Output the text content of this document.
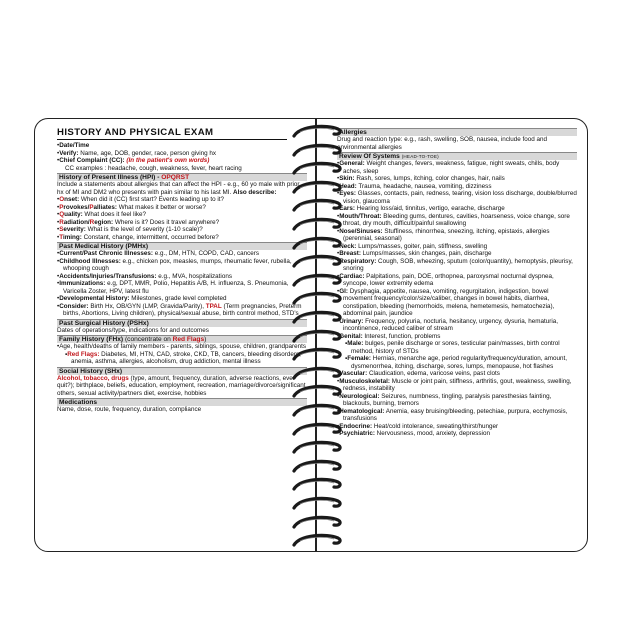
HISTORY AND PHYSICAL EXAM
• Date/Time
• Verify: Name, age, DOB, gender, race, person giving hx
• Chief Complaint (CC): (In the patient's own words)
CC examples : headache, cough, weakness, fever, heart racing
History of Present Illness (HPI) - OPQRST
Include a statements about allergies that can affect the HPI - e.g., 60 yo male with prior hx of MI and DM2 who presents with pain similar to his last MI. Also describe:
• Onset: When did it (CC) first start? Events leading up to it?
• Provokes/Palliates: What makes it better or worse?
• Quality: What does it feel like?
• Radiation/Region: Where is it? Does it travel anywhere?
• Severity: What is the level of severity (1-10 scale)?
• Timing: Constant, change, intermittent, occurred before?
Past Medical History (PMHx)
• Current/Past Chronic Illnesses: e.g., DM, HTN, COPD, CAD, cancers
• Childhood Illnesses: e.g., chicken pox, measles, mumps, rheumatic fever, rubella, whooping cough
• Accidents/Injuries/Transfusions: e.g., MVA, hospitalizations
• Immunizations: e.g, DPT, MMR, Polio, Hepatitis A/B, H. influenza, S. Pneumonia, Varicella Zoster, HPV, latest flu
• Developmental History: Milestones, grade level completed
• Consider: Birth Hx, OB/GYN (LMP, Gravida/Parity), TPAL (Term pregnancies, Preterm births, Abortions, Living children), physical/sexual abuse, birth control method, STD's
Past Surgical History (PSHx)
Dates of operations/type, indications for and outcomes
Family History (FHx) (concentrate on Red Flags)
• Age, health/deaths of family members - parents, siblings, spouse, children, grandparents
▪ Red Flags: Diabetes, MI, HTN, CAD, stroke, CKD, TB, cancers, bleeding disorders, anemia, asthma, allergies, alcoholism, drug addiction, mental illness
Social History (SHx)
Alcohol, tobacco, drugs (type, amount, frequency, duration, adverse reactions, ever quit?); birthplace, beliefs, education, employment, recreation, marriage/divorce/significant others, sexual activity/partners diet, exercise, hobbies
Medications
Name, dose, route, frequency, duration, compliance
Allergies
Drug and reaction type: e.g., rash, swelling, SOB, nausea, include food and environmental allergies
Review Of Systems (HEAD-TO-TOE)
• General: Weight changes, fevers, weakness, fatigue, night sweats, chills, body aches, sleep
• Skin: Rash, sores, lumps, itching, color changes, hair, nails
• Head: Trauma, headache, nausea, vomiting, dizziness
• Eyes: Glasses, contacts, pain, redness, tearing, vision loss discharge, double/blurred vision, glaucoma
• Ears: Hearing loss/aid, tinnitus, vertigo, earache, discharge
• Mouth/Throat: Bleeding gums, dentures, cavities, hoarseness, voice change, sore throat, dry mouth, difficult/painful swallowing
• Nose/Sinuses: Stuffiness, rhinorrhea, sneezing, itching, epistaxis, allergies (perennial, seasonal)
• Neck: Lumps/masses, goiter, pain, stiffness, swelling
• Breast: Lumps/masses, skin changes, pain, discharge
• Respiratory: Cough, SOB, wheezing, sputum (color/quantity), hemoptysis, pleurisy, snoring
• Cardiac: Palpitations, pain, DOE, orthopnea, paroxysmal nocturnal dyspnea, syncope, lower extremity edema
• GI: Dysphagia, appetite, nausea, vomiting, regurgitation, indigestion, bowel movement frequency/color/size/caliber, changes in bowel habits, diarrhea, constipation, bleeding (hemorrhoids, melena, hemetemesis, hematochezia), abdominal pain, jaundice
• Urinary: Frequency, polyuria, nocturia, hesitancy, urgency, dysuria, hematuria, incontinence, reduced caliber of stream
• Genital: Interest, function, problems
▪ Male: bulges, penile discharge or sores, testicular pain/masses, birth control method, history of STDs
▪ Female: Hernias, menarche age, period regularity/frequency/duration, amount, dysmenorrhea, itching, discharge, sores, lumps, menopause, hot flashes
• Vascular: Claudication, edema, varicose veins, past clots
• Musculoskeletal: Muscle or joint pain, stiffness, arthritis, gout, weakness, swelling, redness, instability
• Neurological: Seizures, numbness, tingling, paralysis paresthesias fainting, blackouts, burning, tremors
• Hematological: Anemia, easy bruising/bleeding, petechiae, purpura, ecchymosis, transfusions
• Endocrine: Heat/cold intolerance, sweating/thirst/hunger
• Psychiatric: Nervousness, mood, anxiety, depression
